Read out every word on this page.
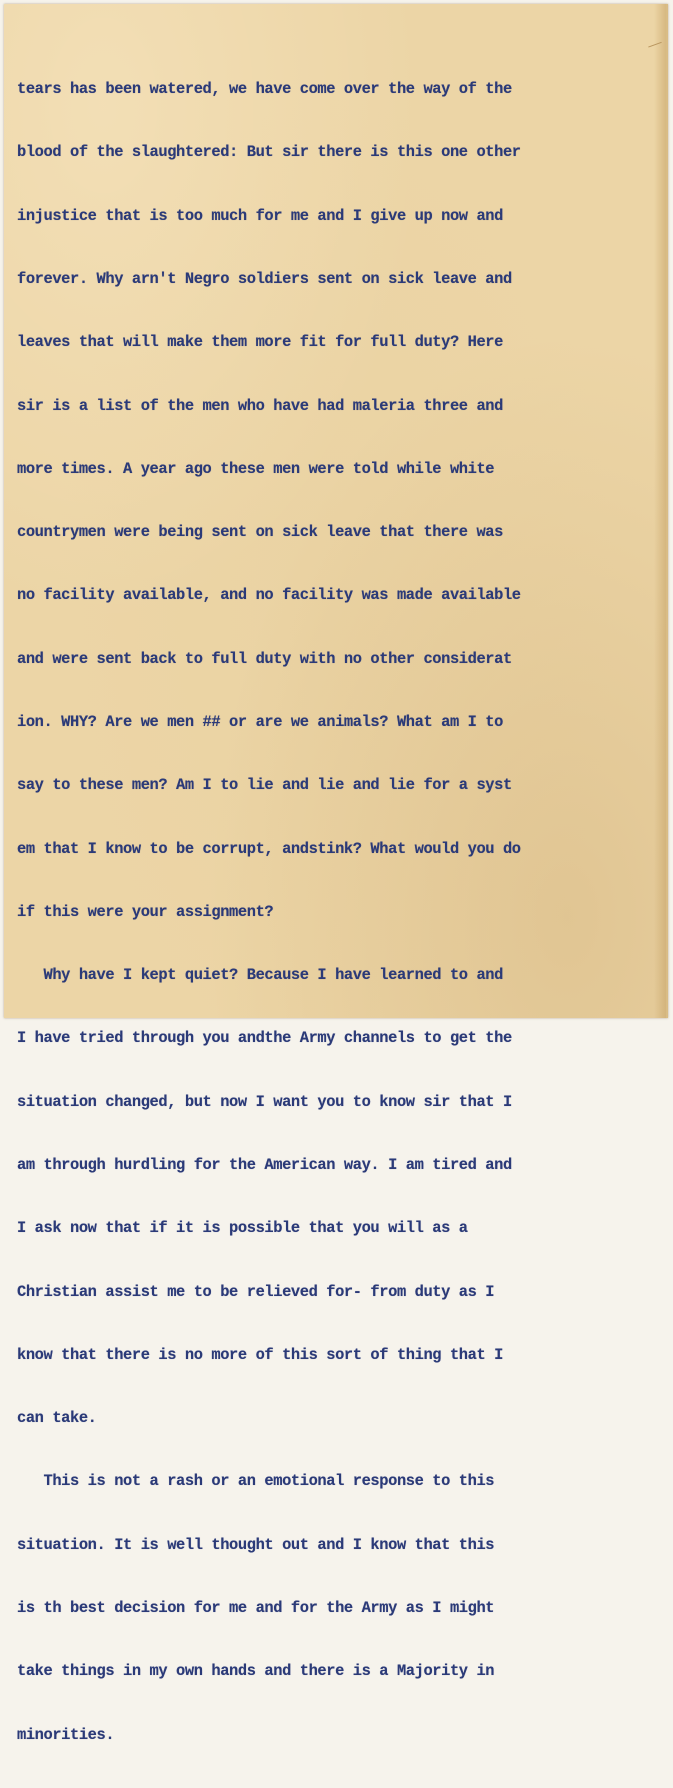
tears has been watered, we have come over the way of the

blood of the slaughtered: But sir there is this one other

injustice that is too much for me and I give up now and

forever. Why arn't Negro soldiers sent on sick leave and

leaves that will make them more fit for full duty? Here

sir is a list of the men who have had maleria three and

more times. A year ago these men were told while white

countrymen were being sent on sick leave that there was

no facility available, and no facility was made available

and were sent back to full duty with no other considerat

ion. WHY? Are we men ## or are we animals? What am I to

say to these men? Am I to lie and lie and lie for a syst

em that I know to be corrupt, andstink? What would you do

if this were your assignment?

Why have I kept quiet? Because I have learned to and

I have tried through you andthe Army channels to get the

situation changed, but now I want you to know sir that I

am through hurdling for the American way. I am tired and

I ask now that if it is possible that you will as a

Christian assist me to be relieved for- from duty as I

know that there is no more of this sort of thing that I

can take.

This is not a rash or an emotional response to this

situation. It is well thought out and I know that this

is th best decision for me and for the Army as I might

take things in my own hands and there is a Majority in

minorities.
